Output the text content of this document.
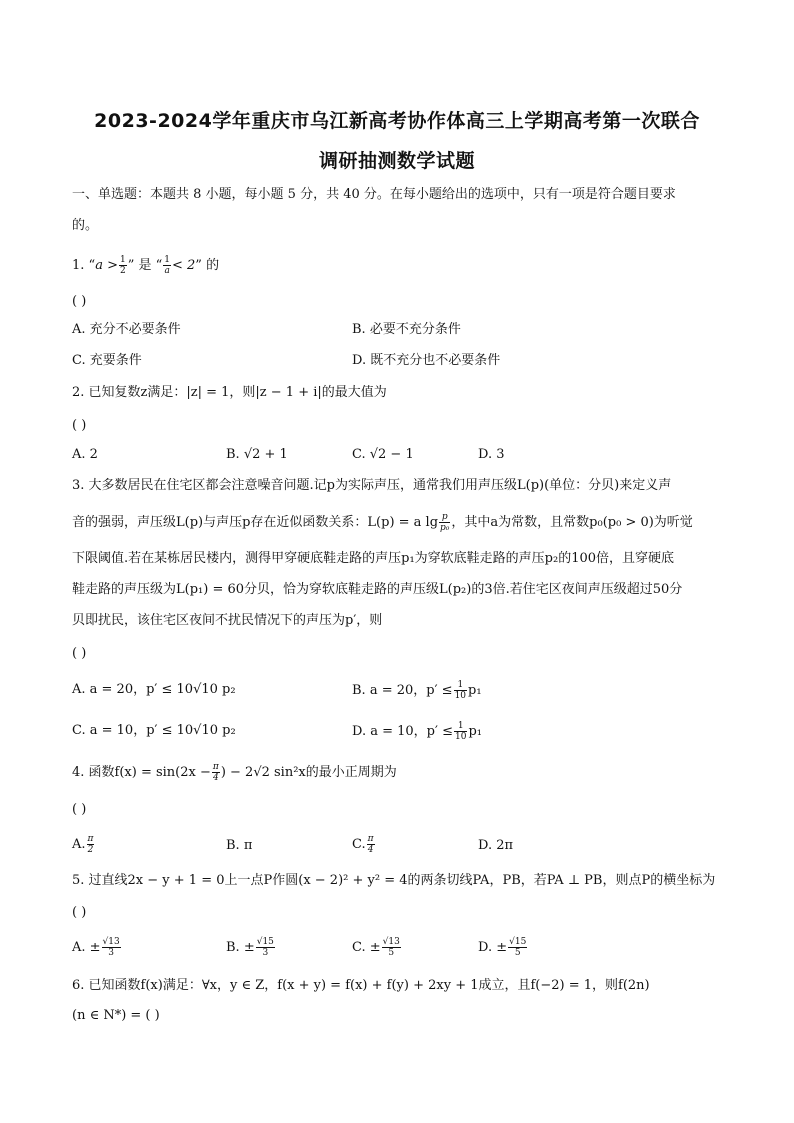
2023-2024学年重庆市乌江新高考协作体高三上学期高考第一次联合
调研抽测数学试题
一、单选题：本题共 8 小题，每小题 5 分，共 40 分。在每小题给出的选项中，只有一项是符合题目要求
的。
1. “$a > \frac{1}{2}$ ” 是 “ $\frac{1}{a} < 2$” 的
( )
A. 充分不必要条件	B. 必要不充分条件
C. 充要条件	D. 既不充分也不必要条件
2. 已知复数z满足：|z| = 1，则|z − 1 + i|的最大值为
( )
A. 2	B. √2 + 1	C. √2 − 1	D. 3
3. 大多数居民在住宅区都会注意噪音问题.记p为实际声压，通常我们用声压级L(p)(单位：分贝)来定义声
音的强弱，声压级L(p)与声压p存在近似函数关系：L(p) = a $\lg \frac{p}{\text{p₀}}$ ，其中a为常数，且常数p₀(p₀ > 0)为听觉
下限阈值.若在某栋居民楼内，测得甲穿硬底鞋走路的声压p₁为穿软底鞋走路的声压p₂的100倍，且穿硬底
鞋走路的声压级为L(p₁) = 60分贝，恰为穿软底鞋走路的声压级L(p₂)的3倍.若住宅区夜间声压级超过50分
贝即扰民，该住宅区夜间不扰民情况下的声压为p′，则
( )
A. a = 20，p′ ≤ 10√10 p₂	B. a = 20，$p' \le \frac{1}{10} p_1$
C. a = 10，p′ ≤ 10√10 p₂	D. a = 10，$p' \le \frac{1}{10} p_1$
4. 函数$f(x) = \sin(2x - \frac{\pi}{4}$ ) − 2√2 sin²x的最小正周期为
( )
A. $\frac{\pi}{2}$	B. π	C. $\frac{\pi}{4}$	D. 2π
5. 过直线2x − y + 1 = 0上一点P作圆(x − 2)² + y² = 4的两条切线PA，PB，若PA ⊥ PB，则点P的横坐标为
( )
A. ± $\frac{√13}{3}$	B. ± $\frac{√15}{3}$	C. ± $\frac{√13}{5}$	D. ± $\frac{√15}{5}$
6. 已知函数f(x)满足：∀x，y ∈ Z，f(x + y) = f(x) + f(y) + 2xy + 1成立，且f(−2) = 1，则f(2n)
(n ∈ N*) = ( )
